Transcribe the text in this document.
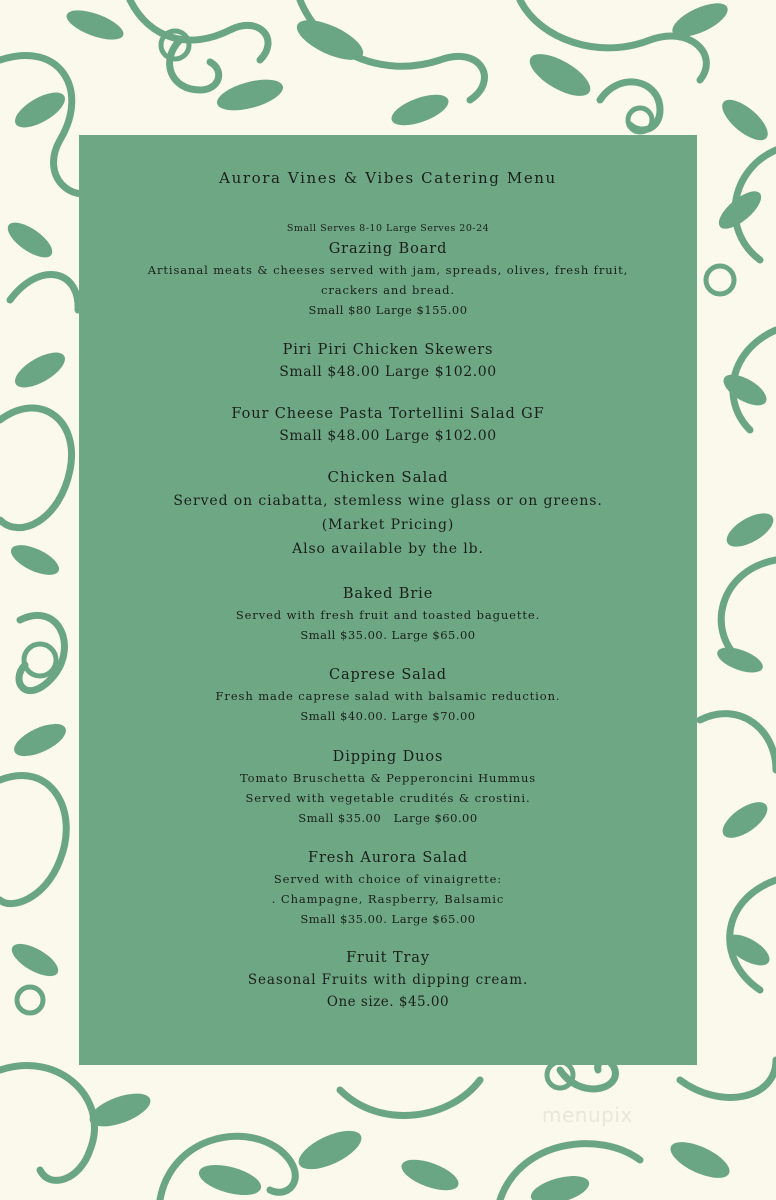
Aurora Vines & Vibes Catering Menu
Small Serves 8-10 Large Serves 20-24
Grazing Board
Artisanal meats & cheeses served with jam, spreads, olives, fresh fruit,
crackers and bread.
Small $80 Large $155.00
Piri Piri Chicken Skewers
Small $48.00 Large $102.00
Four Cheese Pasta Tortellini Salad GF
Small $48.00 Large $102.00
Chicken Salad
Served on ciabatta, stemless wine glass or on greens.
(Market Pricing)
Also available by the lb.
Baked Brie
Served with fresh fruit and toasted baguette.
Small $35.00. Large $65.00
Caprese Salad
Fresh made caprese salad with balsamic reduction.
Small $40.00. Large $70.00
Dipping Duos
Tomato Bruschetta & Pepperoncini Hummus
Served with vegetable crudités & crostini.
Small $35.00   Large $60.00
Fresh Aurora Salad
Served with choice of vinaigrette:
. Champagne, Raspberry, Balsamic
Small $35.00. Large $65.00
Fruit Tray
Seasonal Fruits with dipping cream.
One size. $45.00
menupix
